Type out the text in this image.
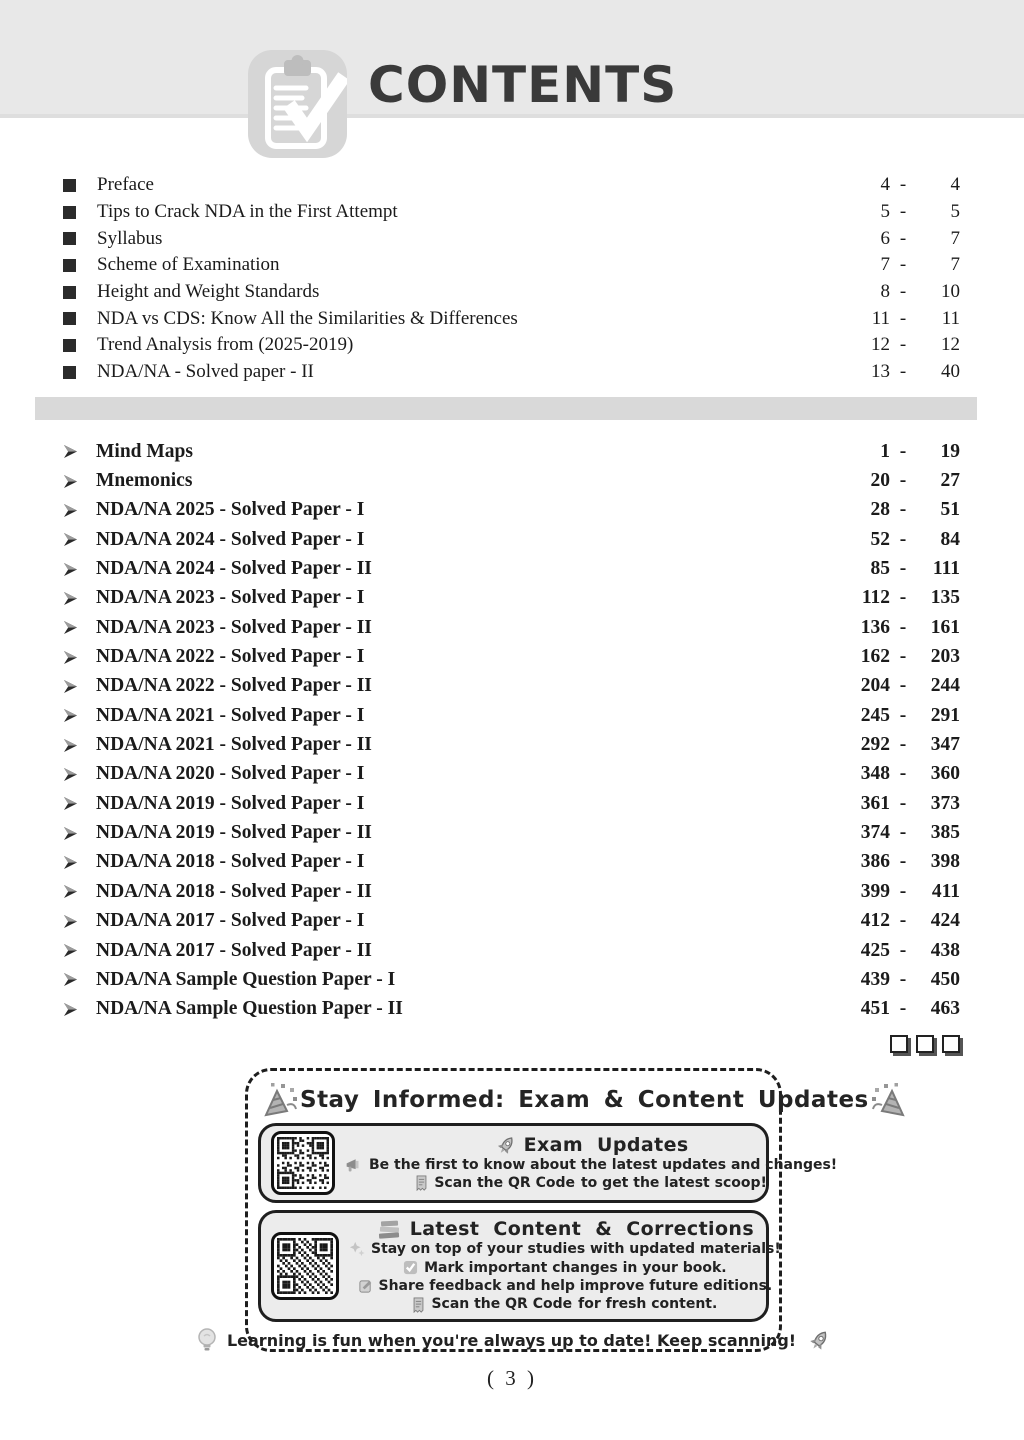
CONTENTS
Preface	4 -	4
Tips to Crack NDA in the First Attempt	5 -	5
Syllabus	6 -	7
Scheme of Examination	7 -	7
Height and Weight Standards	8 -	10
NDA vs CDS: Know All the Similarities & Differences	11 -	11
Trend Analysis from (2025-2019)	12 -	12
NDA/NA - Solved paper - II	13 -	40
Mind Maps	1 -	19
Mnemonics	20 -	27
NDA/NA 2025 - Solved Paper - I	28 -	51
NDA/NA 2024 - Solved Paper - I	52 -	84
NDA/NA 2024 - Solved Paper - II	85 -	111
NDA/NA 2023 - Solved Paper - I	112 -	135
NDA/NA 2023 - Solved Paper - II	136 -	161
NDA/NA 2022 - Solved Paper - I	162 -	203
NDA/NA 2022 - Solved Paper - II	204 -	244
NDA/NA 2021 - Solved Paper - I	245 -	291
NDA/NA 2021 - Solved Paper - II	292 -	347
NDA/NA 2020 - Solved Paper - I	348 -	360
NDA/NA 2019 - Solved Paper - I	361 -	373
NDA/NA 2019 - Solved Paper - II	374 -	385
NDA/NA 2018 - Solved Paper - I	386 -	398
NDA/NA 2018 - Solved Paper - II	399 -	411
NDA/NA 2017 - Solved Paper - I	412 -	424
NDA/NA 2017 - Solved Paper - II	425 -	438
NDA/NA Sample Question Paper - I	439 -	450
NDA/NA Sample Question Paper - II	451 -	463
Stay Informed: Exam & Content Updates
Exam Updates
Be the first to know about the latest updates and changes!
Scan the QR Code to get the latest scoop!
Latest Content & Corrections
Stay on top of your studies with updated materials!
Mark important changes in your book.
Share feedback and help improve future editions.
Scan the QR Code for fresh content.
Learning is fun when you're always up to date! Keep scanning!
( 3 )
